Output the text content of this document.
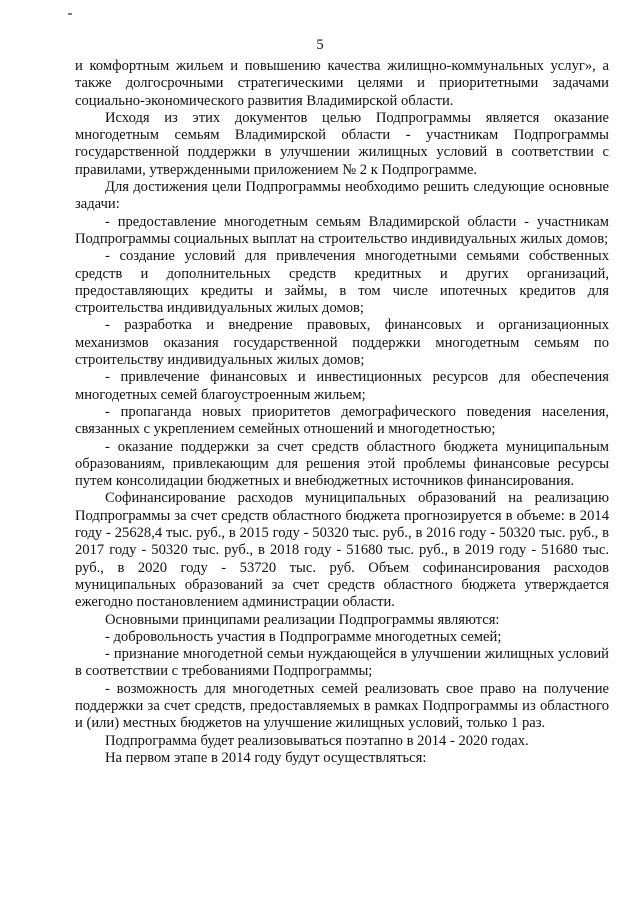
5

и комфортным жильем и повышению качества жилищно-коммунальных услуг», а также долгосрочными стратегическими целями и приоритетными задачами социально-экономического развития Владимирской области.

Исходя из этих документов целью Подпрограммы является оказание многодетным семьям Владимирской области - участникам Подпрограммы государственной поддержки в улучшении жилищных условий в соответствии с правилами, утвержденными приложением № 2 к Подпрограмме.

Для достижения цели Подпрограммы необходимо решить следующие основные задачи:

- предоставление многодетным семьям Владимирской области - участникам Подпрограммы социальных выплат на строительство индивидуальных жилых домов;

- создание условий для привлечения многодетными семьями собственных средств и дополнительных средств кредитных и других организаций, предоставляющих кредиты и займы, в том числе ипотечных кредитов для строительства индивидуальных жилых домов;

- разработка и внедрение правовых, финансовых и организационных механизмов оказания государственной поддержки многодетным семьям по строительству индивидуальных жилых домов;

- привлечение финансовых и инвестиционных ресурсов для обеспечения многодетных семей благоустроенным жильем;

- пропаганда новых приоритетов демографического поведения населения, связанных с укреплением семейных отношений и многодетностью;

- оказание поддержки за счет средств областного бюджета муниципальным образованиям, привлекающим для решения этой проблемы финансовые ресурсы путем консолидации бюджетных и внебюджетных источников финансирования.

Софинансирование расходов муниципальных образований на реализацию Подпрограммы за счет средств областного бюджета прогнозируется в объеме: в 2014 году - 25628,4 тыс. руб., в 2015 году - 50320 тыс. руб., в 2016 году - 50320 тыс. руб., в 2017 году - 50320 тыс. руб., в 2018 году - 51680 тыс. руб., в 2019 году - 51680 тыс. руб., в 2020 году - 53720 тыс. руб. Объем софинансирования расходов муниципальных образований за счет средств областного бюджета утверждается ежегодно постановлением администрации области.

Основными принципами реализации Подпрограммы являются:

- добровольность участия в Подпрограмме многодетных семей;

- признание многодетной семьи нуждающейся в улучшении жилищных условий в соответствии с требованиями Подпрограммы;

- возможность для многодетных семей реализовать свое право на получение поддержки за счет средств, предоставляемых в рамках Подпрограммы из областного и (или) местных бюджетов на улучшение жилищных условий, только 1 раз.

Подпрограмма будет реализовываться поэтапно в 2014 - 2020 годах.

На первом этапе в 2014 году будут осуществляться:
